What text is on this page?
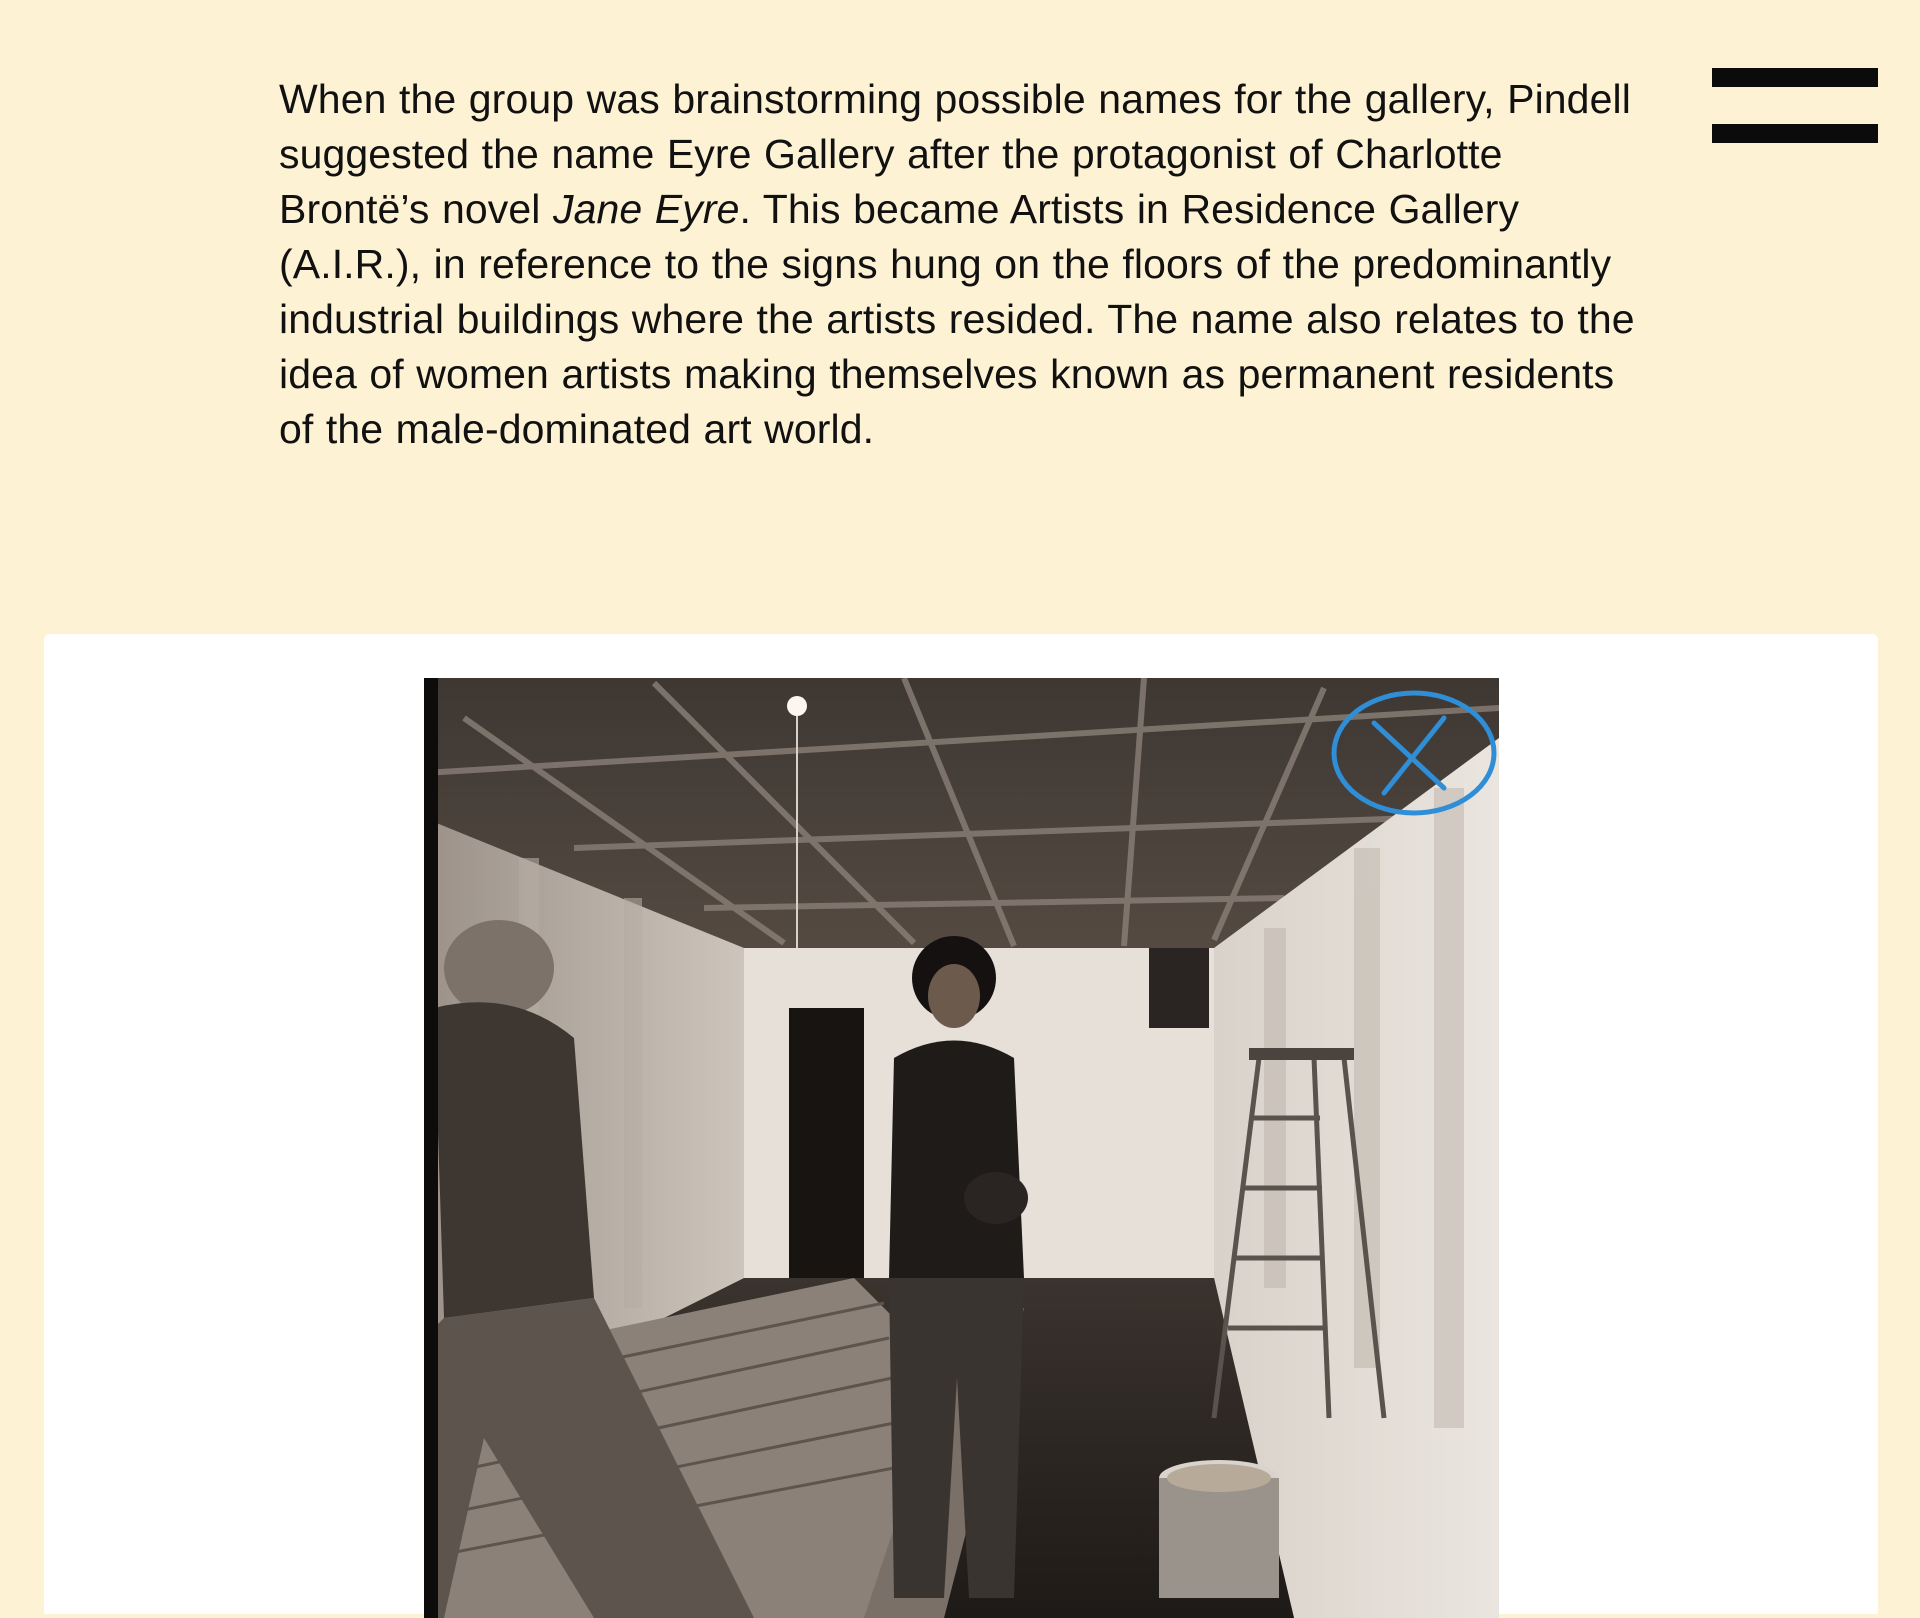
When the group was brainstorming possible names for the gallery, Pindell suggested the name Eyre Gallery after the protagonist of Charlotte Brontë’s novel Jane Eyre. This became Artists in Residence Gallery (A.I.R.), in reference to the signs hung on the floors of the predominantly industrial buildings where the artists resided. The name also relates to the idea of women artists making themselves known as permanent residents of the male-dominated art world.
